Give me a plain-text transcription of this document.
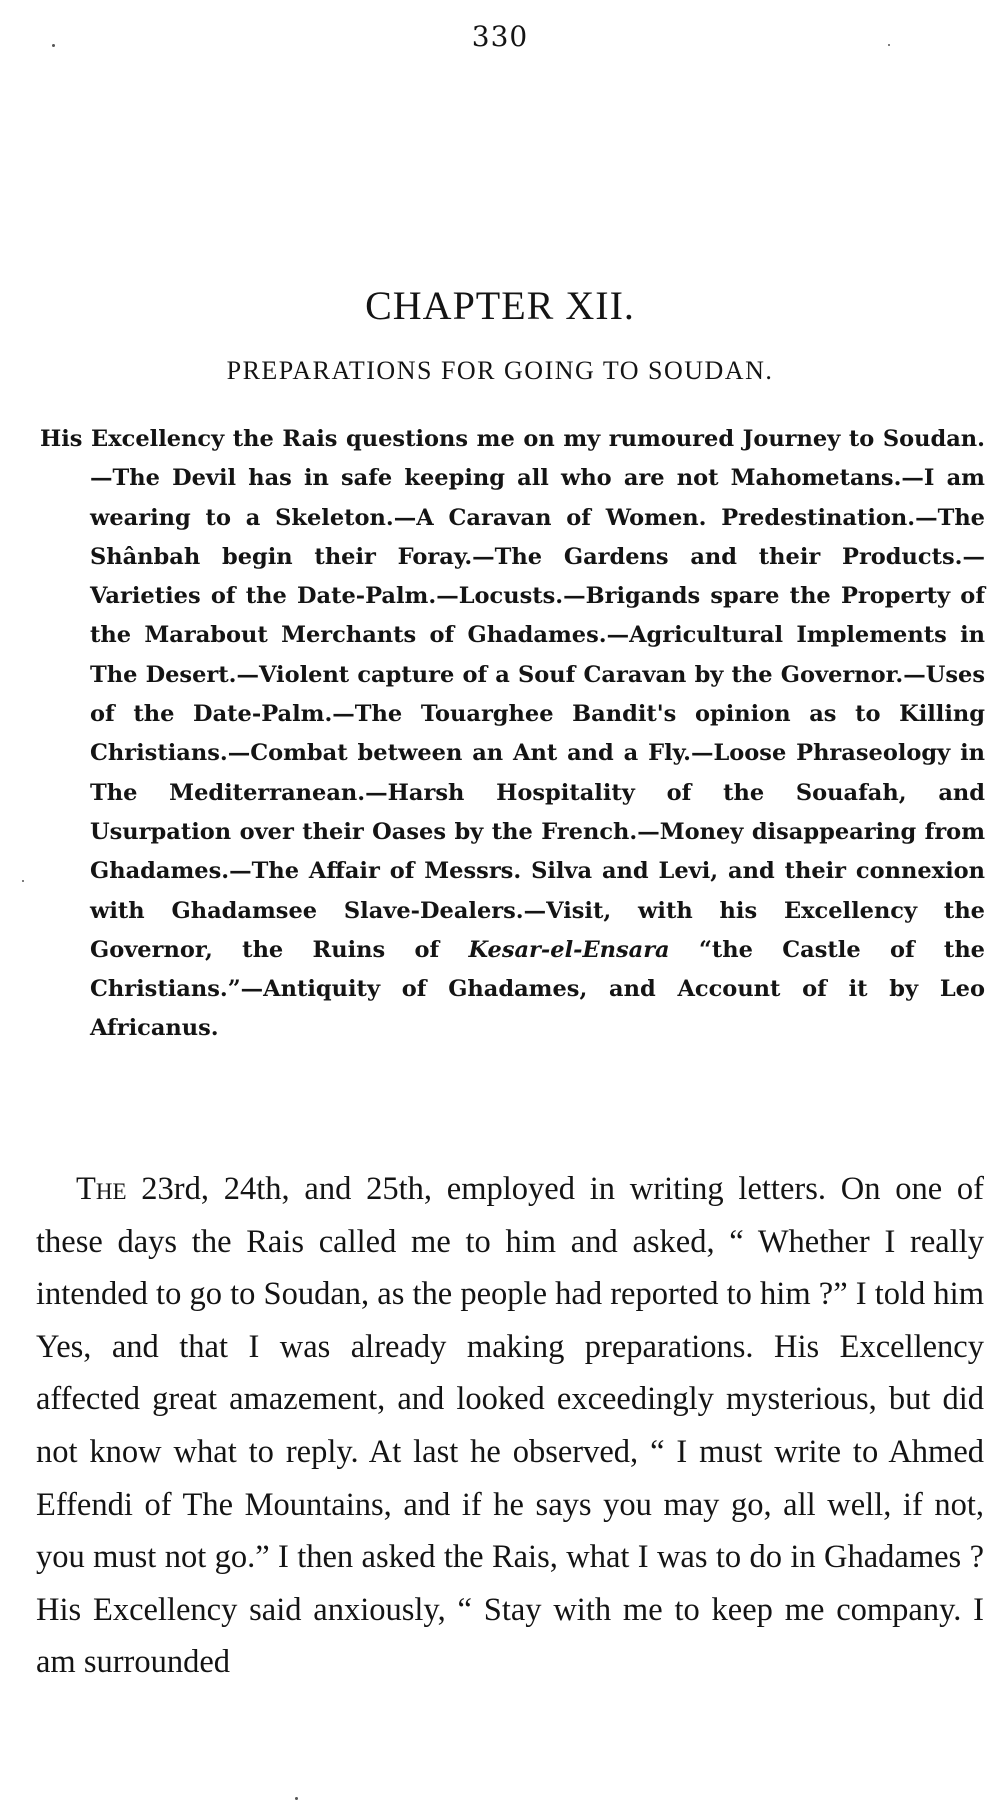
330
CHAPTER XII.
PREPARATIONS FOR GOING TO SOUDAN.
His Excellency the Rais questions me on my rumoured Journey to Soudan.—The Devil has in safe keeping all who are not Mahometans.—I am wearing to a Skeleton.—A Caravan of Women. Predestination.—The Shânbah begin their Foray.—The Gardens and their Products.—Varieties of the Date-Palm.—Locusts.—Brigands spare the Property of the Marabout Merchants of Ghadames.—Agricultural Implements in The Desert.—Violent capture of a Souf Caravan by the Governor.—Uses of the Date-Palm.—The Touarghee Bandit's opinion as to Killing Christians.—Combat between an Ant and a Fly.—Loose Phraseology in The Mediterranean.—Harsh Hospitality of the Souafah, and Usurpation over their Oases by the French.—Money disappearing from Ghadames.—The Affair of Messrs. Silva and Levi, and their connexion with Ghadamsee Slave-Dealers.—Visit, with his Excellency the Governor, the Ruins of Kesar-el-Ensara “the Castle of the Christians.”—Antiquity of Ghadames, and Account of it by Leo Africanus.

The 23rd, 24th, and 25th, employed in writing letters. On one of these days the Rais called me to him and asked, “ Whether I really intended to go to Soudan, as the people had reported to him ?” I told him Yes, and that I was already making preparations. His Excellency affected great amazement, and looked exceedingly mysterious, but did not know what to reply. At last he observed, “ I must write to Ahmed Effendi of The Mountains, and if he says you may go, all well, if not, you must not go.” I then asked the Rais, what I was to do in Ghadames ? His Excellency said anxiously, “ Stay with me to keep me company. I am surrounded
